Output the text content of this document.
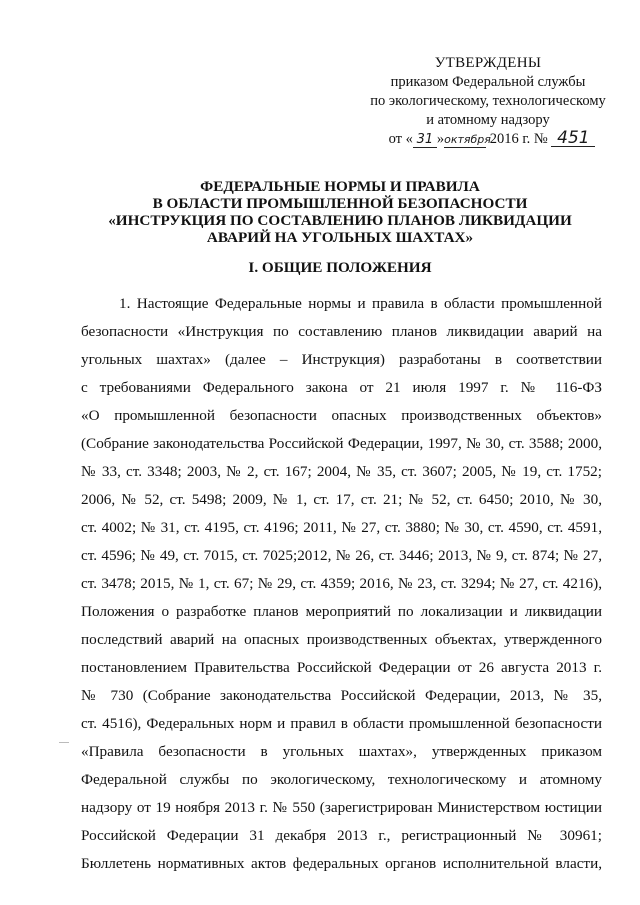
УТВЕРЖДЕНЫ
приказом Федеральной службы
по экологическому, технологическому
и атомному надзору
от « 31 »октября 2016 г. № 451
ФЕДЕРАЛЬНЫЕ НОРМЫ И ПРАВИЛА
В ОБЛАСТИ ПРОМЫШЛЕННОЙ БЕЗОПАСНОСТИ
«ИНСТРУКЦИЯ ПО СОСТАВЛЕНИЮ ПЛАНОВ ЛИКВИДАЦИИ
АВАРИЙ НА УГОЛЬНЫХ ШАХТАХ»
I. ОБЩИЕ ПОЛОЖЕНИЯ
1. Настоящие Федеральные нормы и правила в области промышленной
безопасности «Инструкция по составлению планов ликвидации аварий на
угольных шахтах» (далее – Инструкция) разработаны в соответствии
с требованиями Федерального закона от 21 июля 1997 г. № 116-ФЗ
«О промышленной безопасности опасных производственных объектов»
(Собрание законодательства Российской Федерации, 1997, № 30, ст. 3588; 2000,
№ 33, ст. 3348; 2003, № 2, ст. 167; 2004, № 35, ст. 3607; 2005, № 19, ст. 1752;
2006, № 52, ст. 5498; 2009, № 1, ст. 17, ст. 21; № 52, ст. 6450; 2010, № 30,
ст. 4002; № 31, ст. 4195, ст. 4196; 2011, № 27, ст. 3880; № 30, ст. 4590, ст. 4591,
ст. 4596; № 49, ст. 7015, ст. 7025;2012, № 26, ст. 3446; 2013, № 9, ст. 874; № 27,
ст. 3478; 2015, № 1, ст. 67; № 29, ст. 4359; 2016, № 23, ст. 3294; № 27, ст. 4216),
Положения о разработке планов мероприятий по локализации и ликвидации
последствий аварий на опасных производственных объектах, утвержденного
постановлением Правительства Российской Федерации от 26 августа 2013 г.
№ 730 (Собрание законодательства Российской Федерации, 2013, № 35,
ст. 4516), Федеральных норм и правил в области промышленной безопасности
«Правила безопасности в угольных шахтах», утвержденных приказом
Федеральной службы по экологическому, технологическому и атомному
надзору от 19 ноября 2013 г. № 550 (зарегистрирован Министерством юстиции
Российской Федерации 31 декабря 2013 г., регистрационный № 30961;
Бюллетень нормативных актов федеральных органов исполнительной власти,
